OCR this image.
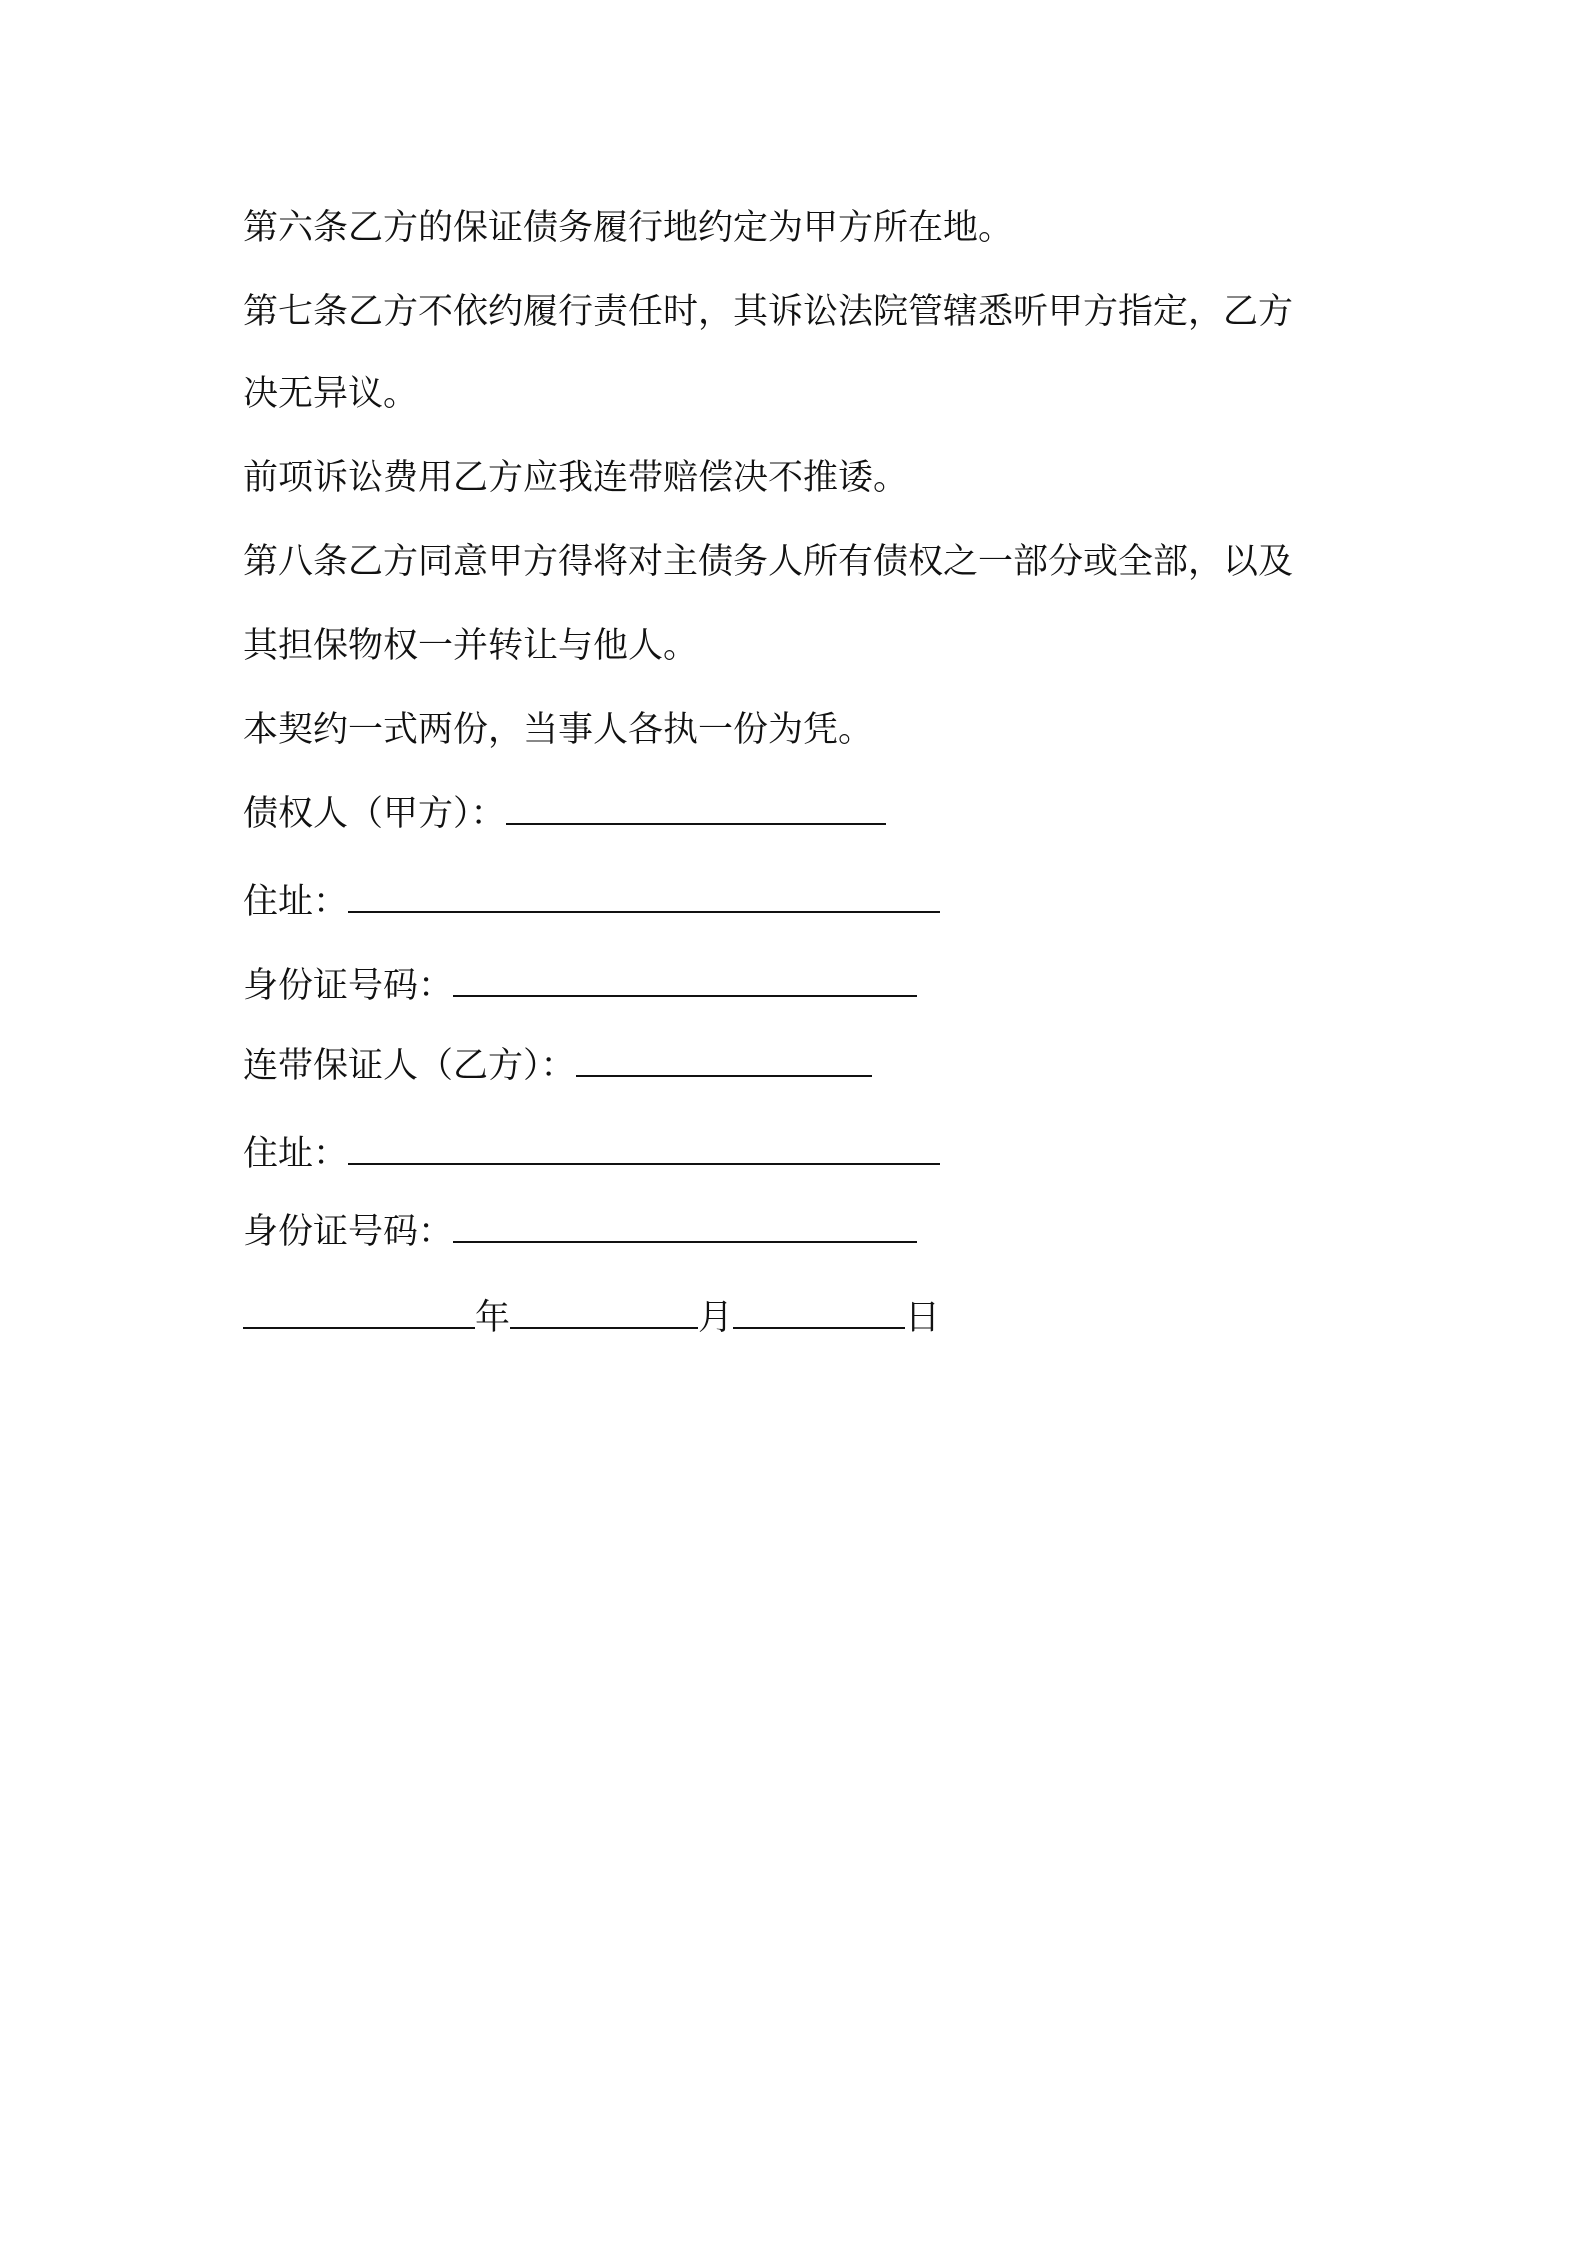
第六条乙方的保证债务履行地约定为甲方所在地。

第七条乙方不依约履行责任时，其诉讼法院管辖悉听甲方指定，乙方

决无异议。

前项诉讼费用乙方应我连带赔偿决不推诿。

第八条乙方同意甲方得将对主债务人所有债权之一部分或全部，以及

其担保物权一并转让与他人。

本契约一式两份，当事人各执一份为凭。

债权人（甲方）：

住址：

身份证号码：

连带保证人（乙方）：

住址：

身份证号码：

年	月	日
